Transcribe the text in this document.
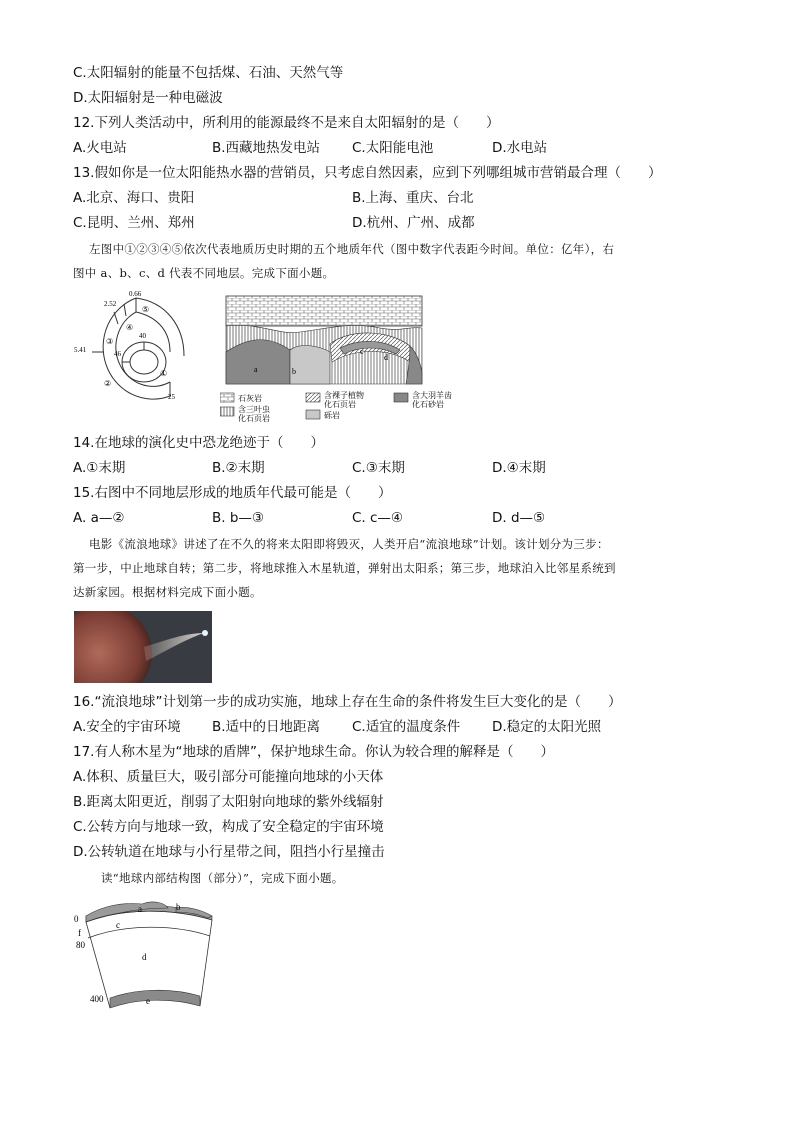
C.太阳辐射的能量不包括煤、石油、天然气等
D.太阳辐射是一种电磁波
12.下列人类活动中，所利用的能源最终不是来自太阳辐射的是（　　）
A.火电站	B.西藏地热发电站 C.太阳能电池	D.水电站
13.假如你是一位太阳能热水器的营销员，只考虑自然因素，应到下列哪组城市营销最合理（　　）
A.北京、海口、贵阳	B.上海、重庆、台北
C.昆明、兰州、郑州	D.杭州、广州、成都
左图中①②③④⑤依次代表地质历史时期的五个地质年代（图中数字代表距今时间。单位：亿年），右
图中 a、b、c、d 代表不同地层。完成下面小题。
0.66
2.52
5.41
40
46
25
⑤
④
③
②
①	a	b
c
d
石灰岩
含三叶虫
化石页岩
含裸子植物
化石页岩
砾岩
含大羽羊齿
化石砂岩
14.在地球的演化史中恐龙绝迹于（　　）
A.①末期	B.②末期	C.③末期	D.④末期
15.右图中不同地层形成的地质年代最可能是（　　）
A. a—②	B. b—③	C. c—④	D. d—⑤
电影《流浪地球》讲述了在不久的将来太阳即将毁灭，人类开启“流浪地球”计划。该计划分为三步：
第一步，中止地球自转；第二步，将地球推入木星轨道，弹射出太阳系；第三步，地球泊入比邻星系统到
达新家园。根据材料完成下面小题。
16.“流浪地球”计划第一步的成功实施，地球上存在生命的条件将发生巨大变化的是（　　）
A.安全的宇宙环境 B.适中的日地距离 C.适宜的温度条件 D.稳定的太阳光照
17.有人称木星为“地球的盾牌”，保护地球生命。你认为较合理的解释是（　　）
A.体积、质量巨大，吸引部分可能撞向地球的小天体
B.距离太阳更近，削弱了太阳射向地球的紫外线辐射
C.公转方向与地球一致，构成了安全稳定的宇宙环境
D.公转轨道在地球与小行星带之间，阻挡小行星撞击
读“地球内部结构图（部分）”，完成下面小题。
0
f
80
400
a	b
c
d
e
